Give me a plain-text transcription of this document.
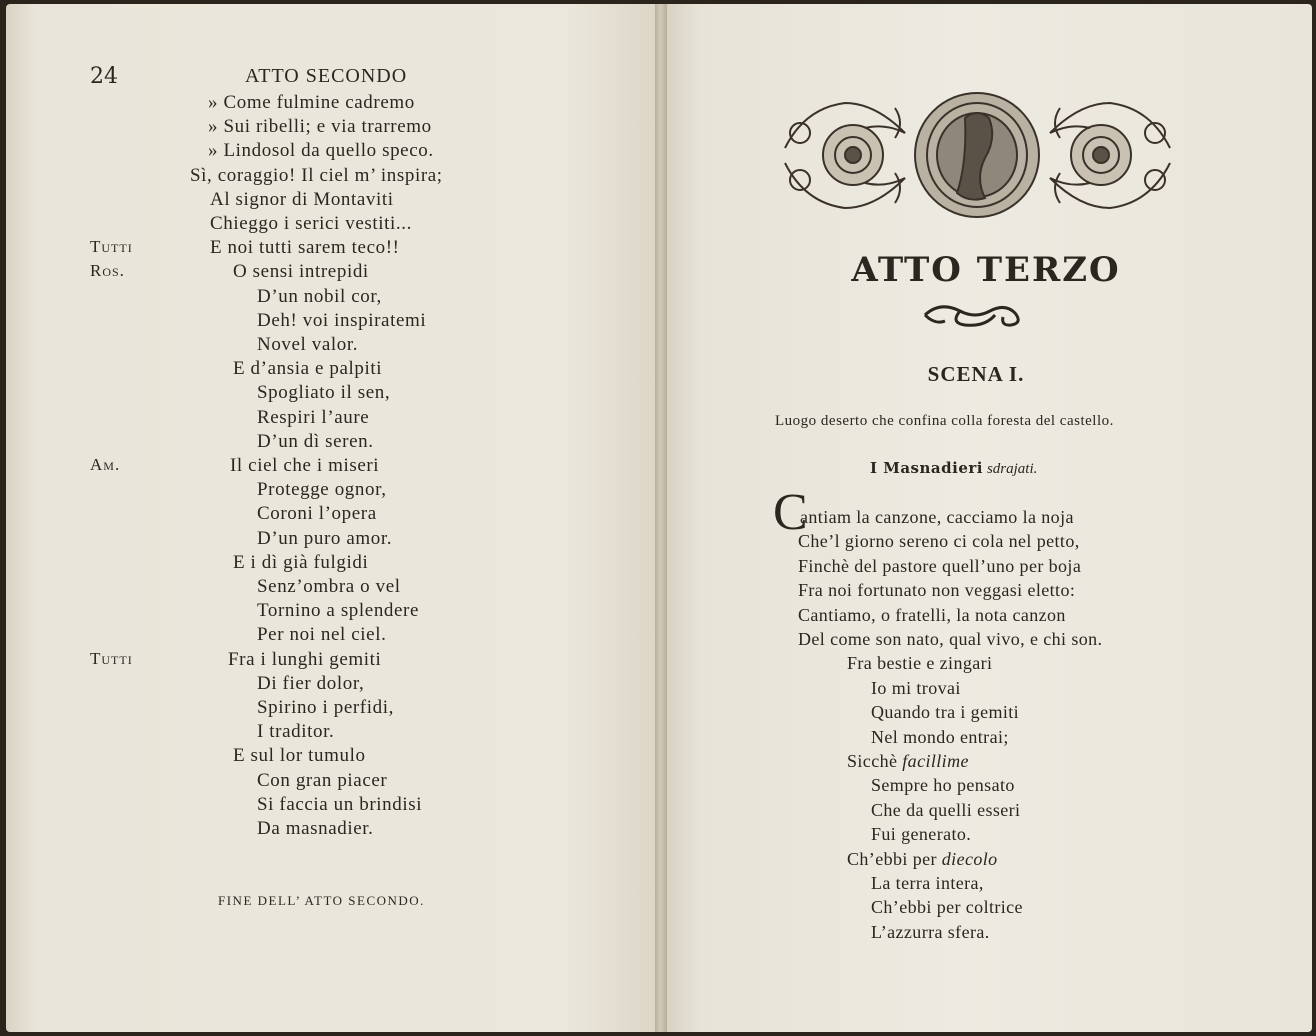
24	ATTO SECONDO
» Come fulmine cadremo
» Sui ribelli; e via trarremo
» Lindosol da quello speco.
Sì, coraggio! Il ciel m’ inspira;
Al signor di Montaviti
Chieggo i serici vestiti...
Tutti	E noi tutti sarem teco!!
Ros.	O sensi intrepidi
D’un nobil cor,
Deh! voi inspiratemi
Novel valor.
E d’ansia e palpiti
Spogliato il sen,
Respiri l’aure
D’un dì seren.
Am.	Il ciel che i miseri
Protegge ognor,
Coroni l’opera
D’un puro amor.
E i dì già fulgidi
Senz’ombra o vel
Tornino a splendere
Per noi nel ciel.
Tutti	Fra i lunghi gemiti
Di fier dolor,
Spirino i perfidi,
I traditor.
E sul lor tumulo
Con gran piacer
Si faccia un brindisi
Da masnadier.
FINE DELL’ ATTO SECONDO.
ATTO TERZO
SCENA I.
Luogo deserto che confina colla foresta del castello.
I Masnadieri sdrajati.
C
antiam la canzone, cacciamo la noja
Che’l giorno sereno ci cola nel petto,
Finchè del pastore quell’uno per boja
Fra noi fortunato non veggasi eletto:
Cantiamo, o fratelli, la nota canzon
Del come son nato, qual vivo, e chi son.
Fra bestie e zingari
Io mi trovai
Quando tra i gemiti
Nel mondo entrai;
Sicchè facillime
Sempre ho pensato
Che da quelli esseri
Fui generato.
Ch’ebbi per diecolo
La terra intera,
Ch’ebbi per coltrice
L’azzurra sfera.
